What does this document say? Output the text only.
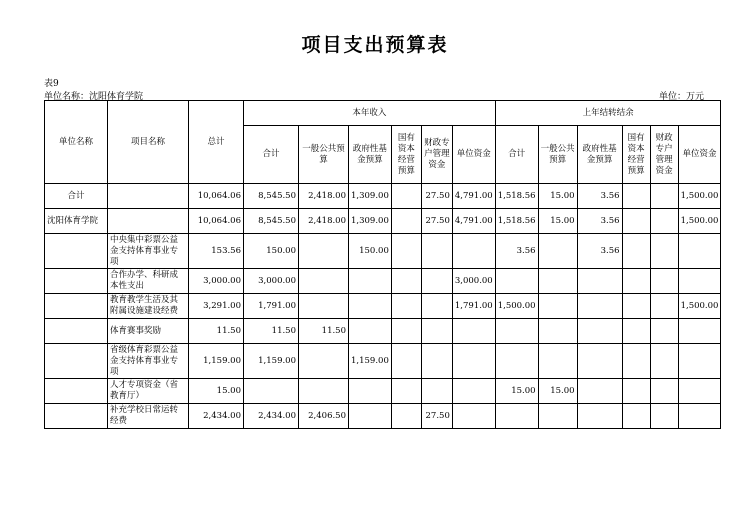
项目支出预算表
表9
单位名称：沈阳体育学院	单位：万元
单位名称	项目名称	总计	本年收入						上年结转结余					
			合计	一般公共预算	政府性基金预算	国有资本经营预算	财政专户管理资金	单位资金	合计	一般公共预算	政府性基金预算	国有资本经营预算	财政专户管理资金	单位资金
合计		10,064.06	8,545.50	2,418.00	1,309.00		27.50	4,791.00	1,518.56	15.00	3.56			1,500.00
沈阳体育学院		10,064.06	8,545.50	2,418.00	1,309.00		27.50	4,791.00	1,518.56	15.00	3.56			1,500.00
	中央集中彩票公益金支持体育事业专项	153.56	150.00		150.00				3.56		3.56			
	合作办学、科研成本性支出	3,000.00	3,000.00					3,000.00						
	教育教学生活及其附属设施建设经费	3,291.00	1,791.00					1,791.00	1,500.00					1,500.00
	体育赛事奖励	11.50	11.50	11.50										
	省级体育彩票公益金支持体育事业专项	1,159.00	1,159.00		1,159.00									
	人才专项资金（省教育厅）	15.00							15.00	15.00				
	补充学校日常运转经费	2,434.00	2,434.00	2,406.50			27.50							
